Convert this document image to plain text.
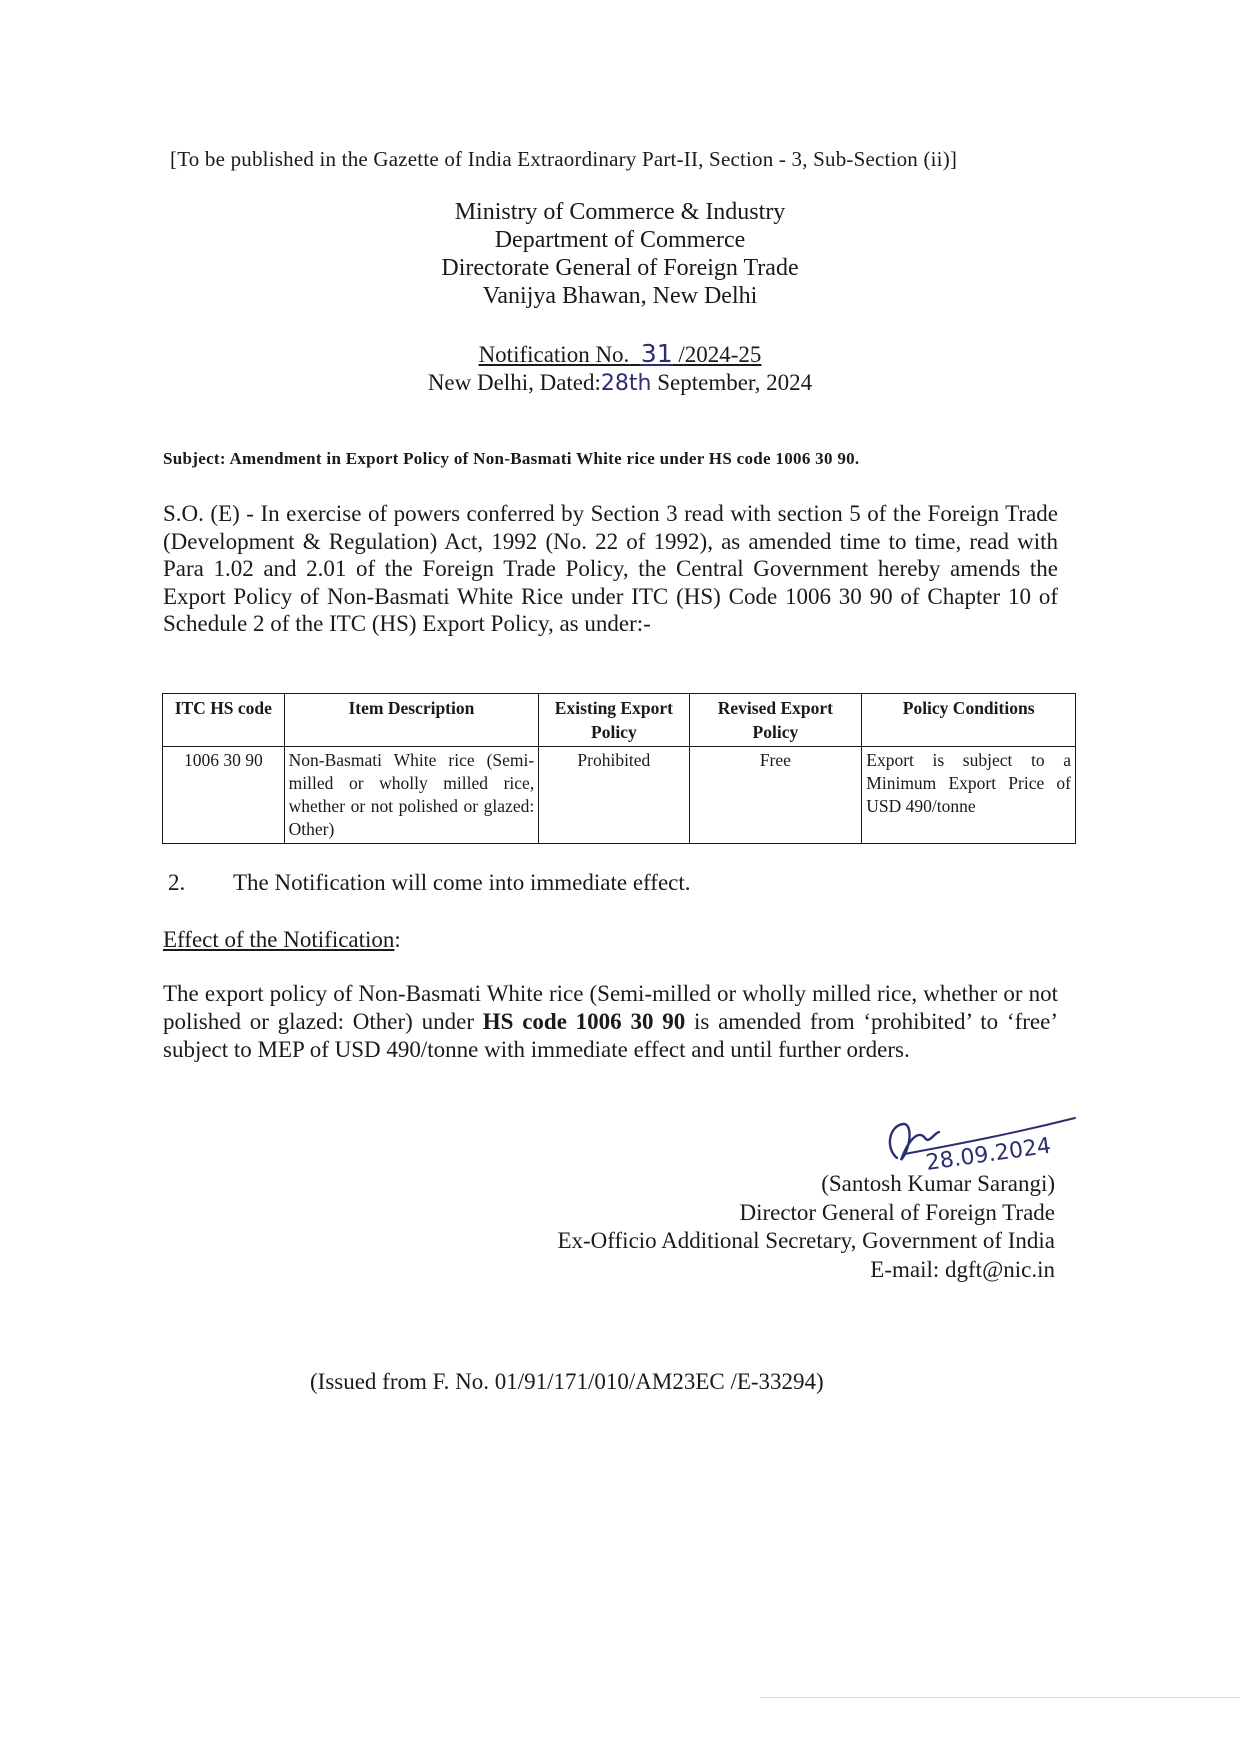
[To be published in the Gazette of India Extraordinary Part-II, Section - 3, Sub-Section (ii)]
Ministry of Commerce & Industry
Department of Commerce
Directorate General of Foreign Trade
Vanijya Bhawan, New Delhi
Notification No. 31 /2024-25
New Delhi, Dated:28th September, 2024
Subject: Amendment in Export Policy of Non-Basmati White rice under HS code 1006 30 90.
S.O. (E) - In exercise of powers conferred by Section 3 read with section 5 of the Foreign Trade (Development & Regulation) Act, 1992 (No. 22 of 1992), as amended time to time, read with Para 1.02 and 2.01 of the Foreign Trade Policy, the Central Government hereby amends the Export Policy of Non-Basmati White Rice under ITC (HS) Code 1006 30 90 of Chapter 10 of Schedule 2 of the ITC (HS) Export Policy, as under:-
ITC HS code	Item Description	Existing Export Policy	Revised Export Policy	Policy Conditions
1006 30 90	Non-Basmati White rice (Semi-milled or wholly milled rice, whether or not polished or glazed: Other)	Prohibited	Free	Export is subject to a Minimum Export Price of USD 490/tonne
2. The Notification will come into immediate effect.
Effect of the Notification:
The export policy of Non-Basmati White rice (Semi-milled or wholly milled rice, whether or not polished or glazed: Other) under HS code 1006 30 90 is amended from ‘prohibited’ to ‘free’ subject to MEP of USD 490/tonne with immediate effect and until further orders.
28.09.2024
(Santosh Kumar Sarangi)
Director General of Foreign Trade
Ex-Officio Additional Secretary, Government of India
E-mail: dgft@nic.in
(Issued from F. No. 01/91/171/010/AM23EC /E-33294)
